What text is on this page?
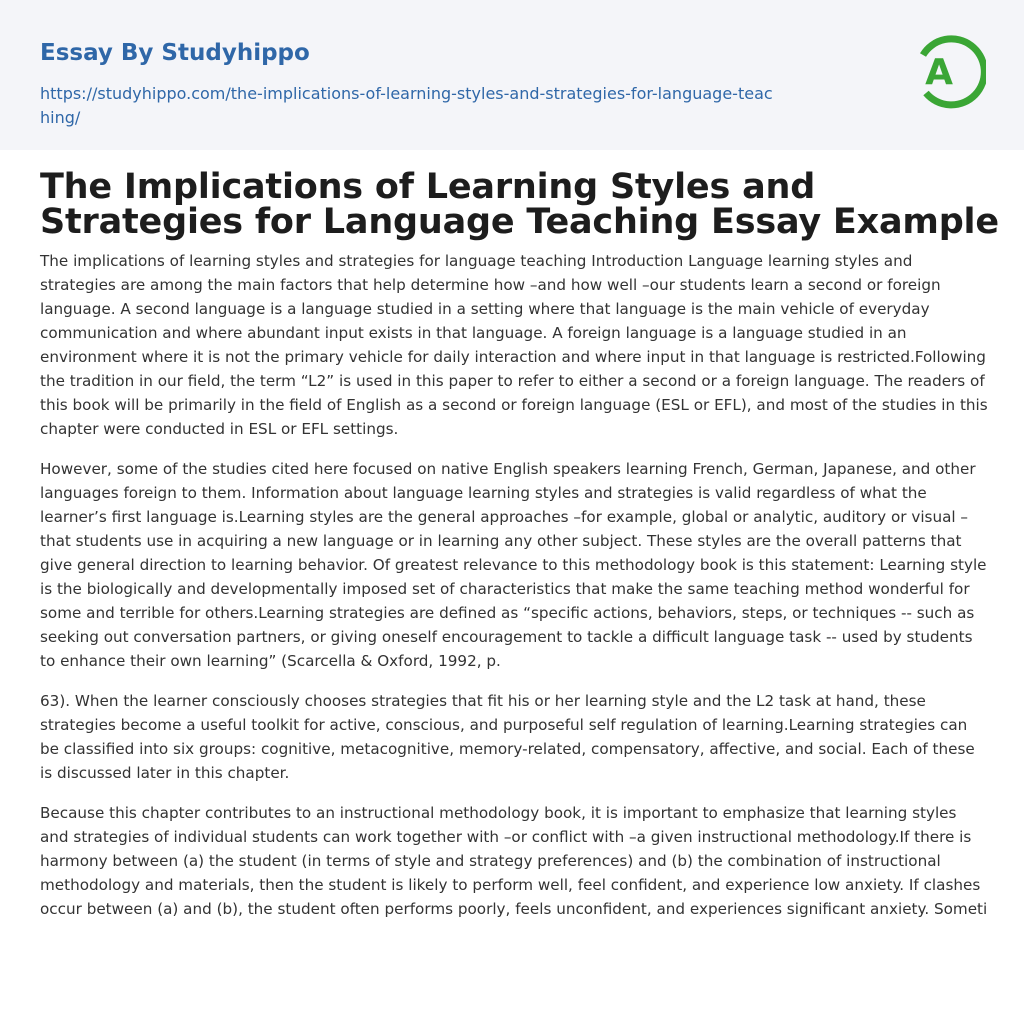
Essay By Studyhippo
https://studyhippo.com/the-implications-of-learning-styles-and-strategies-for-language-teaching/
A
The Implications of Learning Styles and Strategies for Language Teaching Essay Example

The implications of learning styles and strategies for language teaching Introduction Language learning styles and strategies are among the main factors that help determine how –and how well –our students learn a second or foreign language. A second language is a language studied in a setting where that language is the main vehicle of everyday communication and where abundant input exists in that language. A foreign language is a language studied in an environment where it is not the primary vehicle for daily interaction and where input in that language is restricted.Following the tradition in our field, the term “L2” is used in this paper to refer to either a second or a foreign language. The readers of this book will be primarily in the field of English as a second or foreign language (ESL or EFL), and most of the studies in this chapter were conducted in ESL or EFL settings.

However, some of the studies cited here focused on native English speakers learning French, German, Japanese, and other languages foreign to them. Information about language learning styles and strategies is valid regardless of what the learner’s first language is.Learning styles are the general approaches –for example, global or analytic, auditory or visual –that students use in acquiring a new language or in learning any other subject. These styles are the overall patterns that give general direction to learning behavior. Of greatest relevance to this methodology book is this statement: Learning style is the biologically and developmentally imposed set of characteristics that make the same teaching method wonderful for some and terrible for others.Learning strategies are defined as “specific actions, behaviors, steps, or techniques -- such as seeking out conversation partners, or giving oneself encouragement to tackle a difficult language task -- used by students to enhance their own learning” (Scarcella & Oxford, 1992, p.

63). When the learner consciously chooses strategies that fit his or her learning style and the L2 task at hand, these strategies become a useful toolkit for active, conscious, and purposeful self regulation of learning.Learning strategies can be classified into six groups: cognitive, metacognitive, memory-related, compensatory, affective, and social. Each of these is discussed later in this chapter.

Because this chapter contributes to an instructional methodology book, it is important to emphasize that learning styles and strategies of individual students can work together with –or conflict with –a given instructional methodology.If there is harmony between (a) the student (in terms of style and strategy preferences) and (b) the combination of instructional methodology and materials, then the student is likely to perform well, feel confident, and experience low anxiety. If clashes occur between (a) and (b), the student often performs poorly, feels unconfident, and experiences significant anxiety. Someti
